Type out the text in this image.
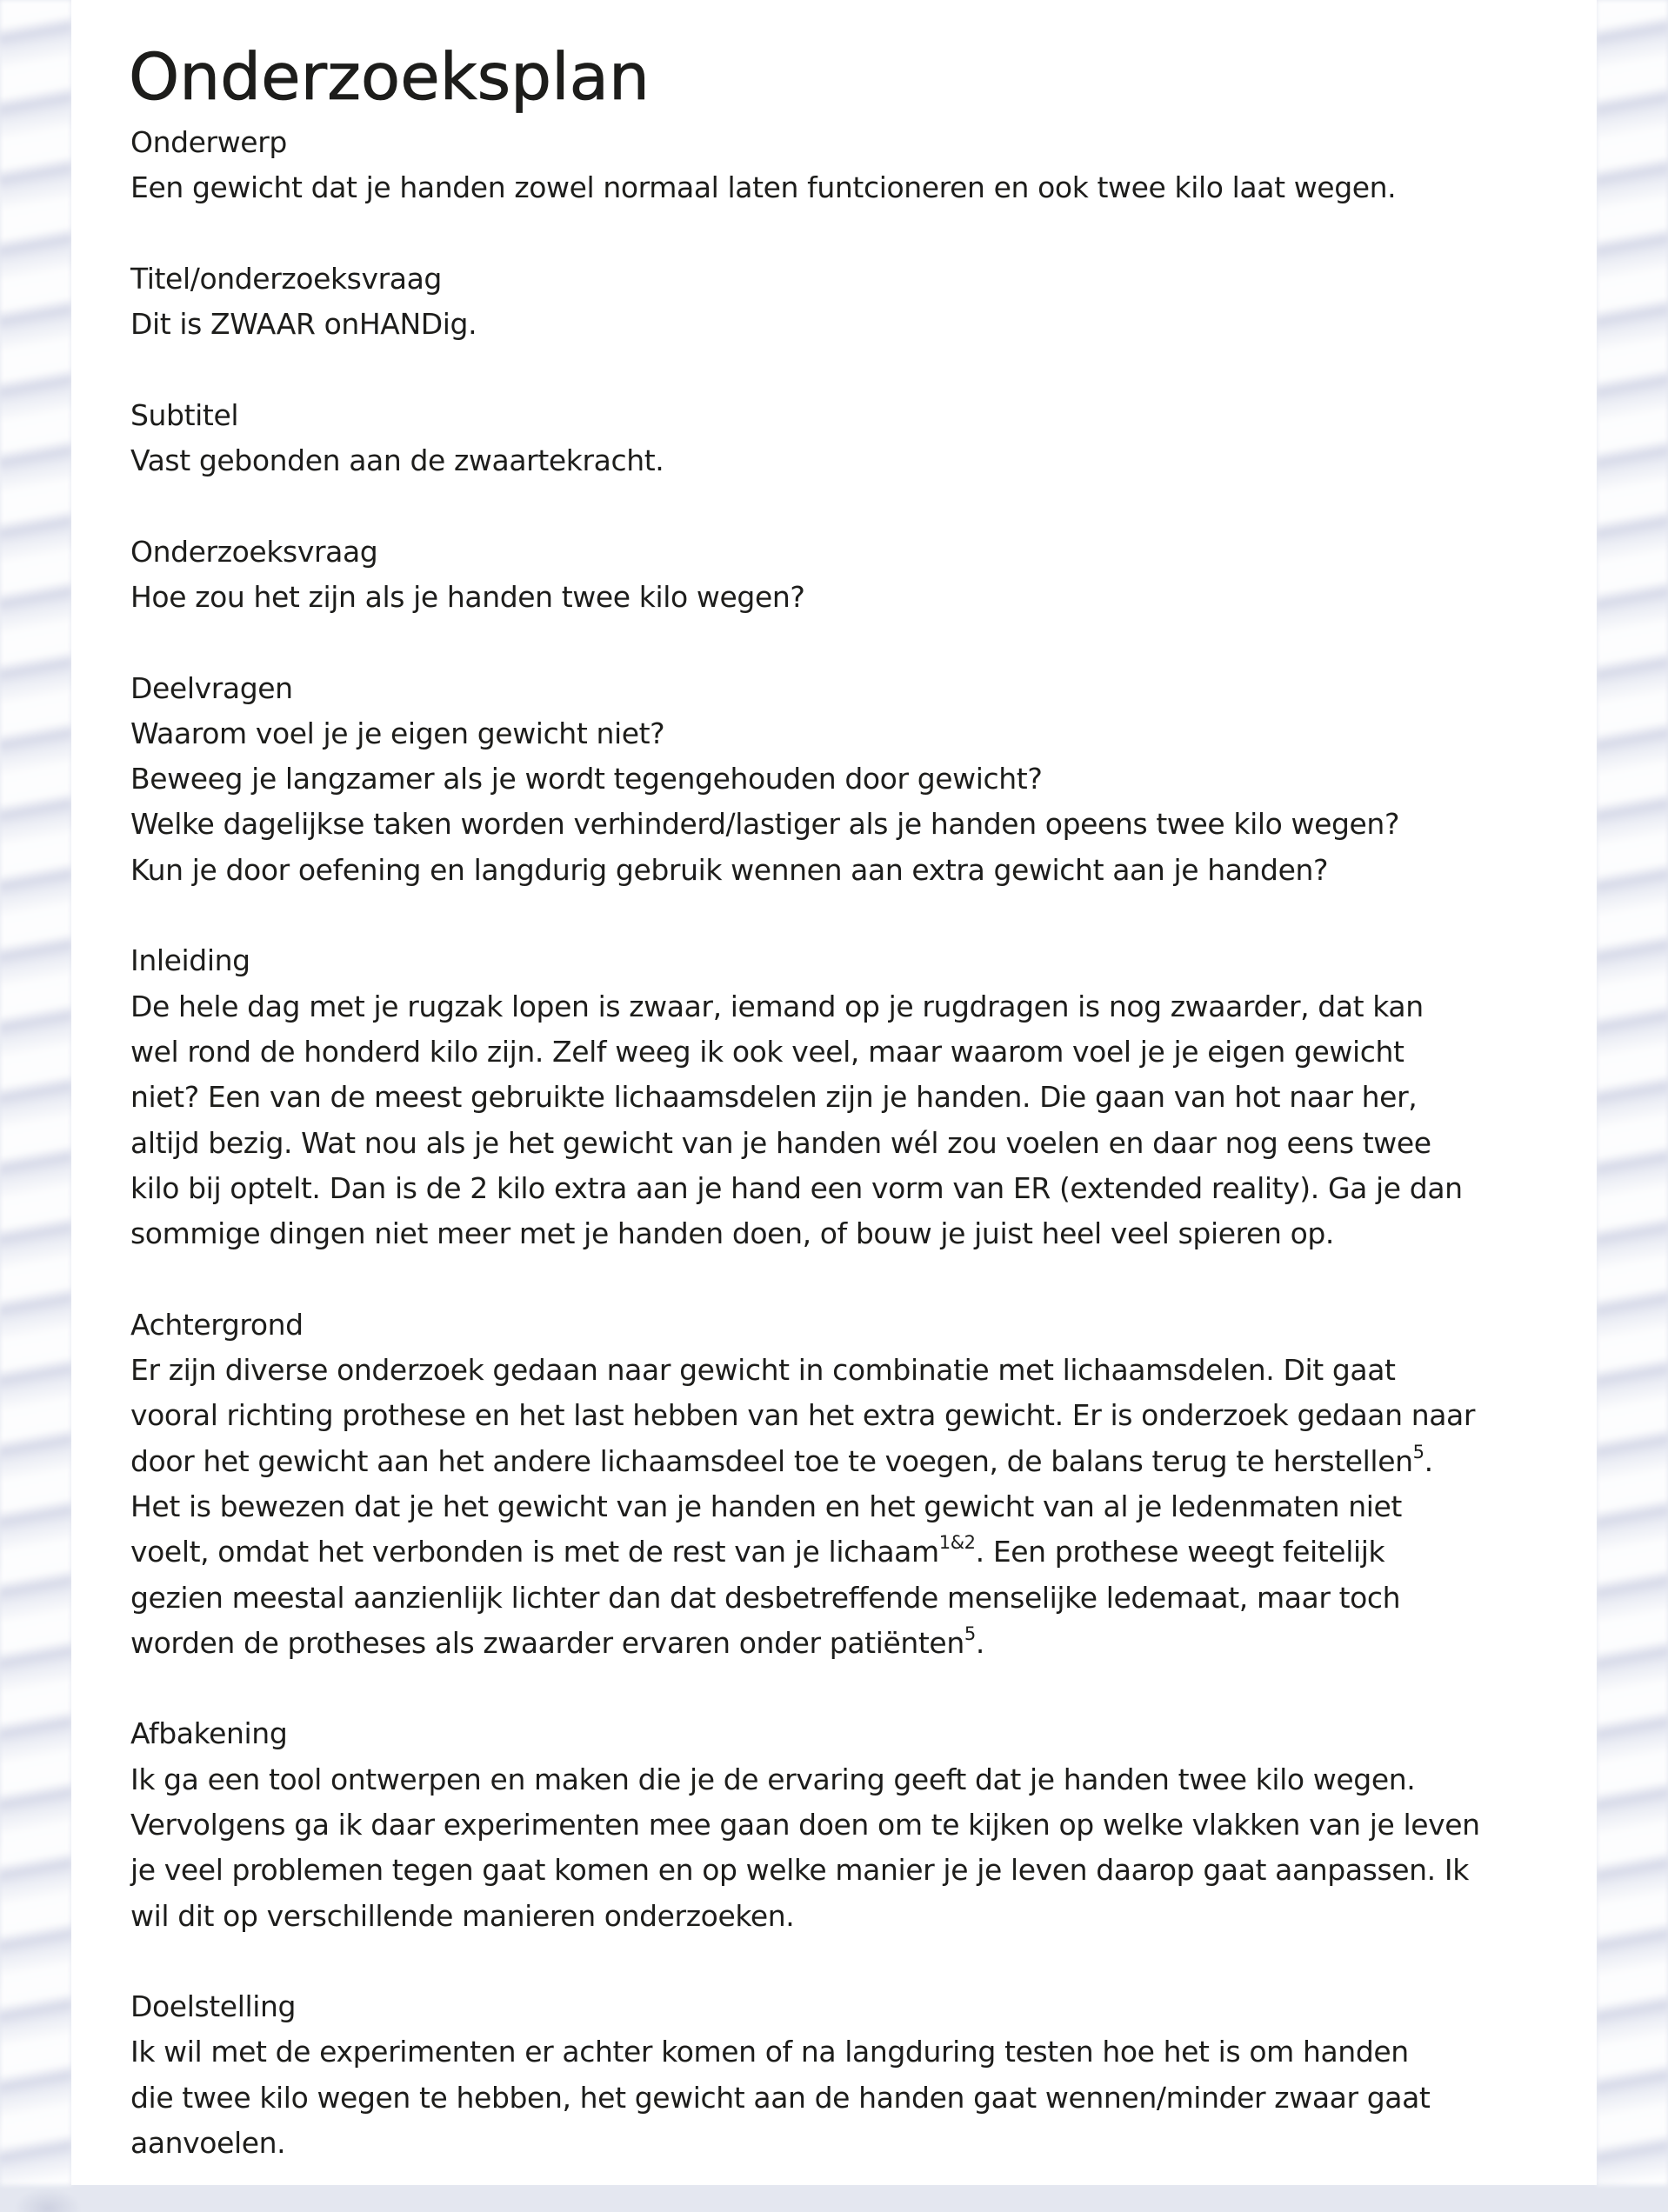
Onderzoeksplan
Onderwerp
Een gewicht dat je handen zowel normaal laten funtcioneren en ook twee kilo laat wegen.
Titel/onderzoeksvraag
Dit is ZWAAR onHANDig.
Subtitel
Vast gebonden aan de zwaartekracht.
Onderzoeksvraag
Hoe zou het zijn als je handen twee kilo wegen?
Deelvragen
Waarom voel je je eigen gewicht niet?
Beweeg je langzamer als je wordt tegengehouden door gewicht?
Welke dagelijkse taken worden verhinderd/lastiger als je handen opeens twee kilo wegen?
Kun je door oefening en langdurig gebruik wennen aan extra gewicht aan je handen?
Inleiding
De hele dag met je rugzak lopen is zwaar, iemand op je rugdragen is nog zwaarder, dat kan
wel rond de honderd kilo zijn. Zelf weeg ik ook veel, maar waarom voel je je eigen gewicht
niet? Een van de meest gebruikte lichaamsdelen zijn je handen. Die gaan van hot naar her,
altijd bezig. Wat nou als je het gewicht van je handen wél zou voelen en daar nog eens twee
kilo bij optelt. Dan is de 2 kilo extra aan je hand een vorm van ER (extended reality). Ga je dan
sommige dingen niet meer met je handen doen, of bouw je juist heel veel spieren op.
Achtergrond
Er zijn diverse onderzoek gedaan naar gewicht in combinatie met lichaamsdelen. Dit gaat
vooral richting prothese en het last hebben van het extra gewicht. Er is onderzoek gedaan naar
door het gewicht aan het andere lichaamsdeel toe te voegen, de balans terug te herstellen$^5$.
Het is bewezen dat je het gewicht van je handen en het gewicht van al je ledenmaten niet
voelt, omdat het verbonden is met de rest van je lichaam$^{1\&2}$. Een prothese weegt feitelijk
gezien meestal aanzienlijk lichter dan dat desbetreffende menselijke ledemaat, maar toch
worden de protheses als zwaarder ervaren onder patiënten$^5$.
Afbakening
Ik ga een tool ontwerpen en maken die je de ervaring geeft dat je handen twee kilo wegen.
Vervolgens ga ik daar experimenten mee gaan doen om te kijken op welke vlakken van je leven
je veel problemen tegen gaat komen en op welke manier je je leven daarop gaat aanpassen. Ik
wil dit op verschillende manieren onderzoeken.
Doelstelling
Ik wil met de experimenten er achter komen of na langduring testen hoe het is om handen
die twee kilo wegen te hebben, het gewicht aan de handen gaat wennen/minder zwaar gaat
aanvoelen.
